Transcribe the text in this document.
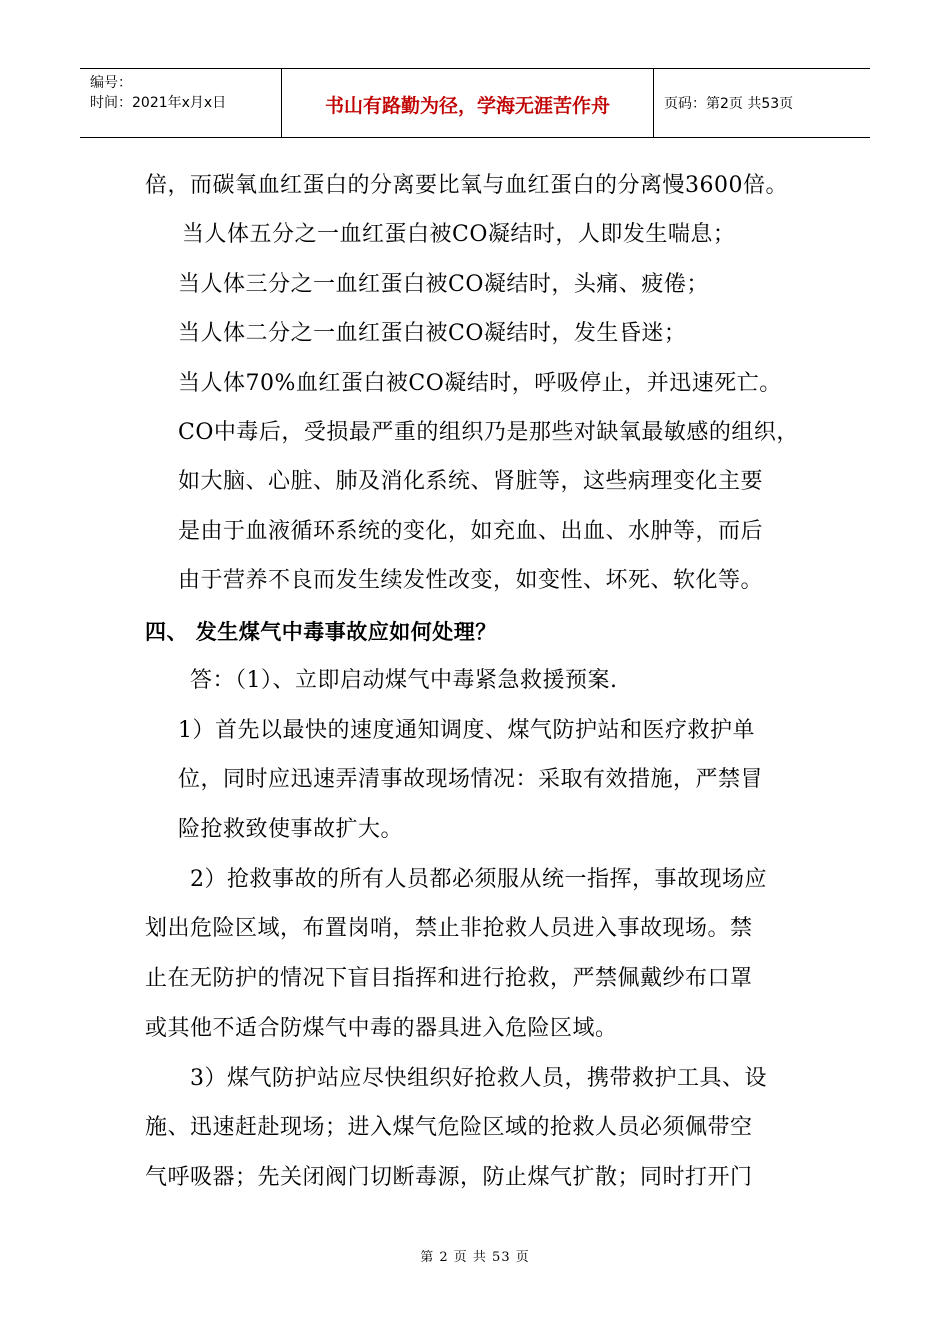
编号：
时间：2021年x月x日	书山有路勤为径，学海无涯苦作舟	页码：第2页 共53页
倍，而碳氧血红蛋白的分离要比氧与血红蛋白的分离慢3600倍。
当人体五分之一血红蛋白被CO凝结时，人即发生喘息；
当人体三分之一血红蛋白被CO凝结时，头痛、疲倦；
当人体二分之一血红蛋白被CO凝结时，发生昏迷；
当人体70%血红蛋白被CO凝结时，呼吸停止，并迅速死亡。
CO中毒后，受损最严重的组织乃是那些对缺氧最敏感的组织，
如大脑、心脏、肺及消化系统、肾脏等，这些病理变化主要
是由于血液循环系统的变化，如充血、出血、水肿等，而后
由于营养不良而发生续发性改变，如变性、坏死、软化等。
四、 发生煤气中毒事故应如何处理？
答：（1）、立即启动煤气中毒紧急救援预案.
1）首先以最快的速度通知调度、煤气防护站和医疗救护单
位，同时应迅速弄清事故现场情况：采取有效措施，严禁冒
险抢救致使事故扩大。
2）抢救事故的所有人员都必须服从统一指挥，事故现场应
划出危险区域，布置岗哨，禁止非抢救人员进入事故现场。禁
止在无防护的情况下盲目指挥和进行抢救，严禁佩戴纱布口罩
或其他不适合防煤气中毒的器具进入危险区域。
3）煤气防护站应尽快组织好抢救人员，携带救护工具、设
施、迅速赶赴现场；进入煤气危险区域的抢救人员必须佩带空
气呼吸器；先关闭阀门切断毒源，防止煤气扩散；同时打开门
第 2 页 共 53 页
